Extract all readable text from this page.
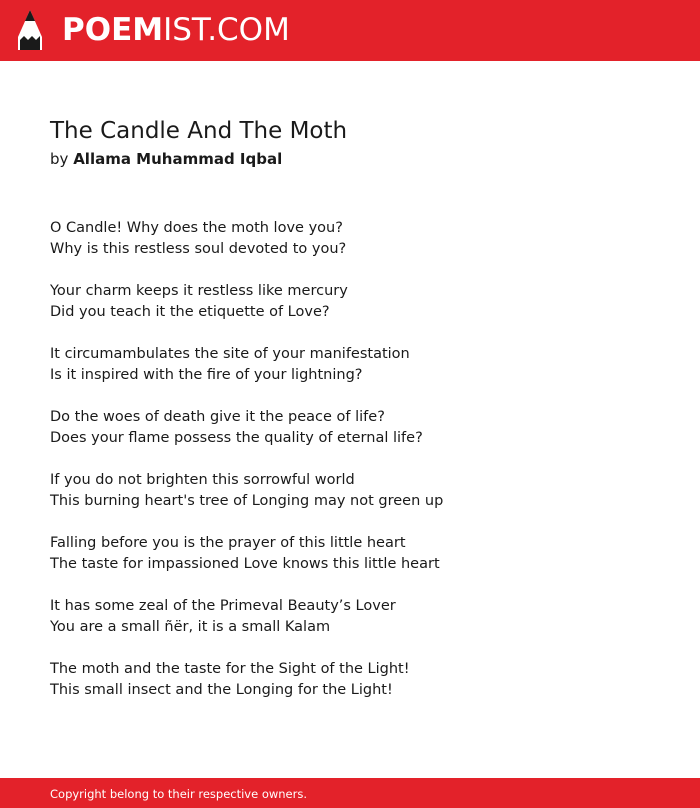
POEMIST.COM
The Candle And The Moth
by Allama Muhammad Iqbal
O Candle! Why does the moth love you?
Why is this restless soul devoted to you?
Your charm keeps it restless like mercury
Did you teach it the etiquette of Love?
It circumambulates the site of your manifestation
Is it inspired with the fire of your lightning?
Do the woes of death give it the peace of life?
Does your flame possess the quality of eternal life?
If you do not brighten this sorrowful world
This burning heart's tree of Longing may not green up
Falling before you is the prayer of this little heart
The taste for impassioned Love knows this little heart
It has some zeal of the Primeval Beauty’s Lover
You are a small ñër, it is a small Kalam
The moth and the taste for the Sight of the Light!
This small insect and the Longing for the Light!
Copyright belong to their respective owners.
